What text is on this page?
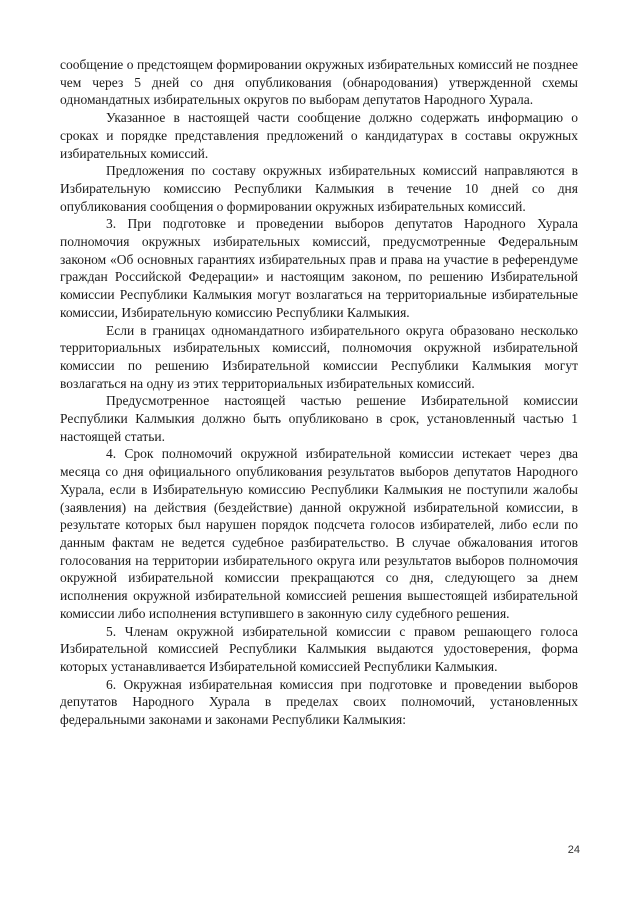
сообщение о предстоящем формировании окружных избирательных комиссий не позднее чем через 5 дней со дня опубликования (обнародования) утвержденной схемы одномандатных избирательных округов по выборам депутатов Народного Хурала.

Указанное в настоящей части сообщение должно содержать информацию о сроках и порядке представления предложений о кандидатурах в составы окружных избирательных комиссий.

Предложения по составу окружных избирательных комиссий направляются в Избирательную комиссию Республики Калмыкия в течение 10 дней со дня опубликования сообщения о формировании окружных избирательных комиссий.

3. При подготовке и проведении выборов депутатов Народного Хурала полномочия окружных избирательных комиссий, предусмотренные Федеральным законом «Об основных гарантиях избирательных прав и права на участие в референдуме граждан Российской Федерации» и настоящим законом, по решению Избирательной комиссии Республики Калмыкия могут возлагаться на территориальные избирательные комиссии, Избирательную комиссию Республики Калмыкия.

Если в границах одномандатного избирательного округа образовано несколько территориальных избирательных комиссий, полномочия окружной избирательной комиссии по решению Избирательной комиссии Республики Калмыкия могут возлагаться на одну из этих территориальных избирательных комиссий.

Предусмотренное настоящей частью решение Избирательной комиссии Республики Калмыкия должно быть опубликовано в срок, установленный частью 1 настоящей статьи.

4. Срок полномочий окружной избирательной комиссии истекает через два месяца со дня официального опубликования результатов выборов депутатов Народного Хурала, если в Избирательную комиссию Республики Калмыкия не поступили жалобы (заявления) на действия (бездействие) данной окружной избирательной комиссии, в результате которых был нарушен порядок подсчета голосов избирателей, либо если по данным фактам не ведется судебное разбирательство. В случае обжалования итогов голосования на территории избирательного округа или результатов выборов полномочия окружной избирательной комиссии прекращаются со дня, следующего за днем исполнения окружной избирательной комиссией решения вышестоящей избирательной комиссии либо исполнения вступившего в законную силу судебного решения.

5. Членам окружной избирательной комиссии с правом решающего голоса Избирательной комиссией Республики Калмыкия выдаются удостоверения, форма которых устанавливается Избирательной комиссией Республики Калмыкия.

6. Окружная избирательная комиссия при подготовке и проведении выборов депутатов Народного Хурала в пределах своих полномочий, установленных федеральными законами и законами Республики Калмыкия:

24
